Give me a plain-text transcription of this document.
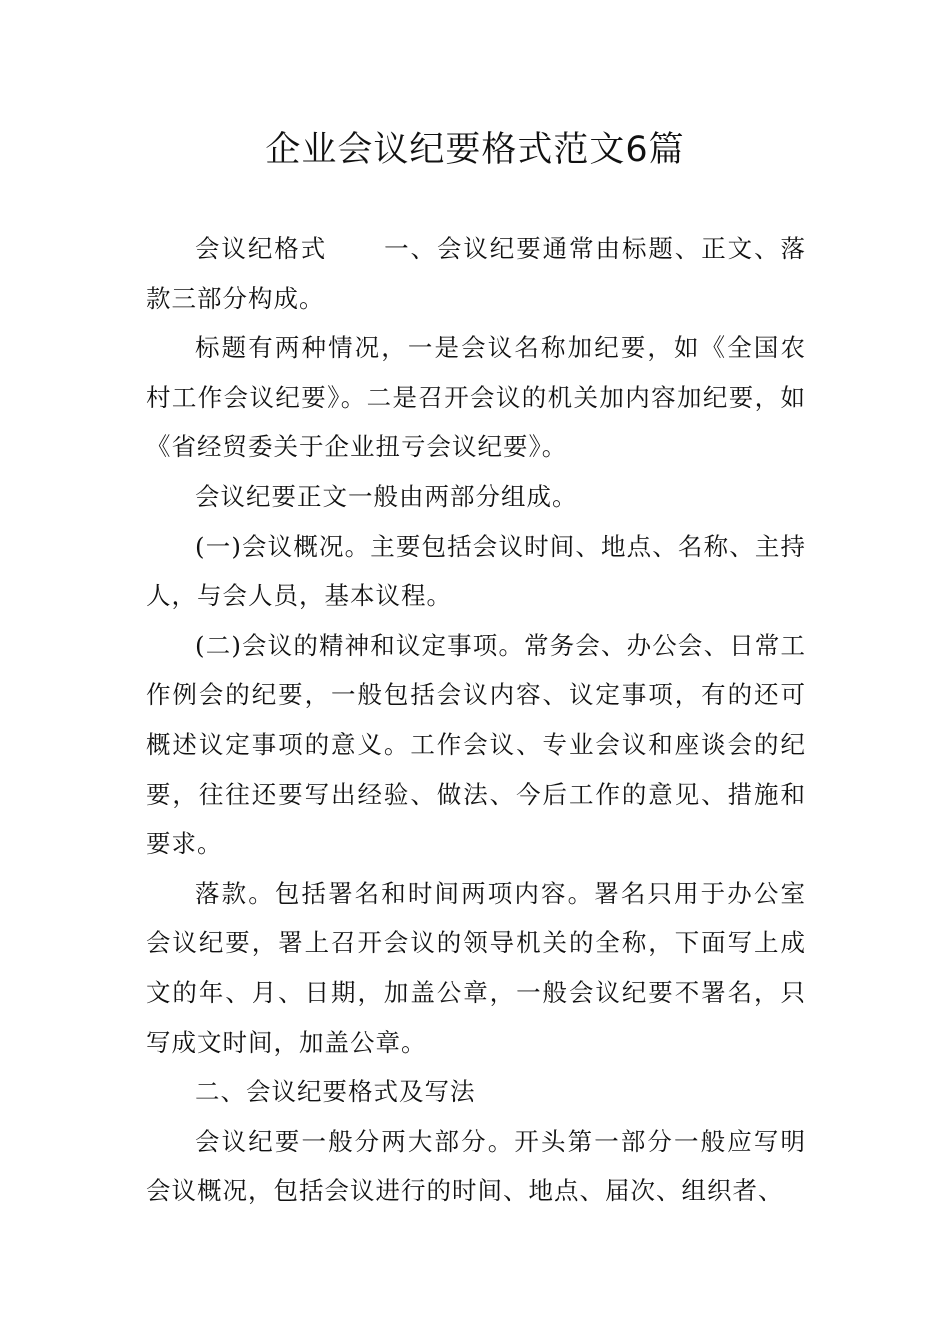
企业会议纪要格式范文6篇

会议纪格式 一、会议纪要通常由标题、正文、落款三部分构成。

标题有两种情况，一是会议名称加纪要，如《全国农村工作会议纪要》。二是召开会议的机关加内容加纪要，如《省经贸委关于企业扭亏会议纪要》。

会议纪要正文一般由两部分组成。

(一)会议概况。主要包括会议时间、地点、名称、主持人，与会人员，基本议程。

(二)会议的精神和议定事项。常务会、办公会、日常工作例会的纪要，一般包括会议内容、议定事项，有的还可概述议定事项的意义。工作会议、专业会议和座谈会的纪要，往往还要写出经验、做法、今后工作的意见、措施和要求。

落款。包括署名和时间两项内容。署名只用于办公室会议纪要，署上召开会议的领导机关的全称，下面写上成文的年、月、日期，加盖公章，一般会议纪要不署名，只写成文时间，加盖公章。

二、会议纪要格式及写法

会议纪要一般分两大部分。开头第一部分一般应写明会议概况，包括会议进行的时间、地点、届次、组织者、
